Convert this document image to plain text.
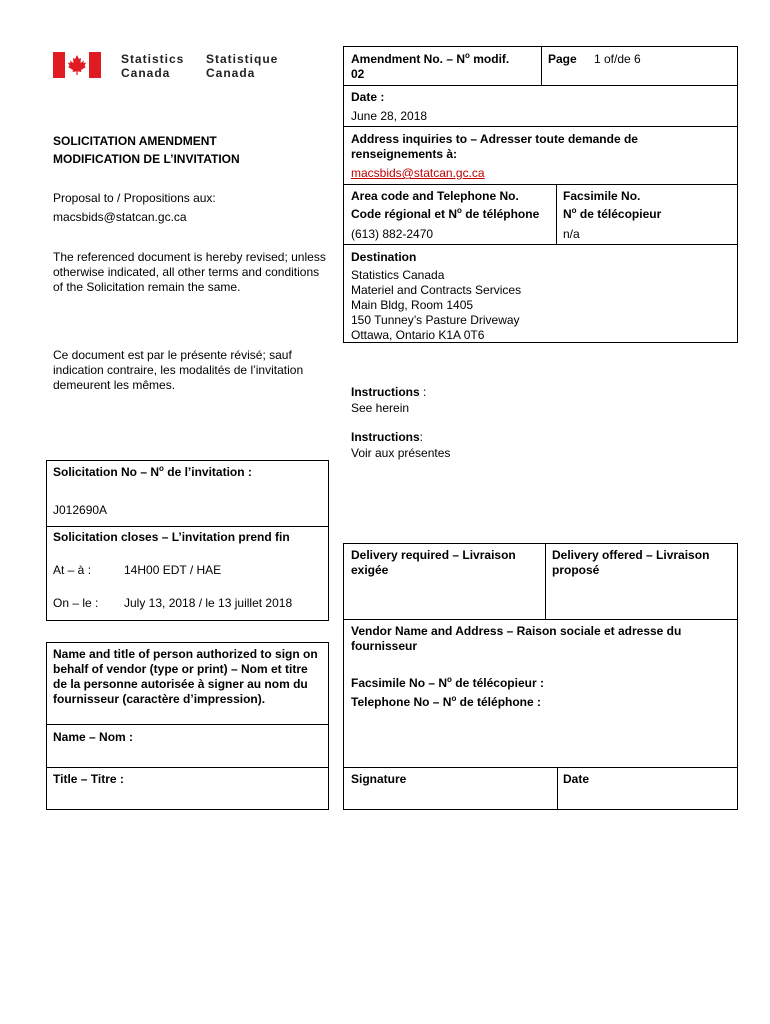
Statistics
Canada
Statistique
Canada
SOLICITATION AMENDMENT
MODIFICATION DE L’INVITATION
Proposal to / Propositions aux:
macsbids@statcan.gc.ca
The referenced document is hereby revised; unless otherwise indicated, all other terms and conditions of the Solicitation remain the same.
Ce document est par le présente révisé; sauf indication contraire, les modalités de l’invitation demeurent les mêmes.
Amendment No. – $N^o$ modif.
02
Page 1 of/de 6
Date :
June 28, 2018
Address inquiries to – Adresser toute demande de renseignements à:
macsbids@statcan.gc.ca
Area code and Telephone No.
Code régional et $N^o$ de téléphone
(613) 882-2470
Facsimile No.
$N^o$ de télécopieur
n/a
Destination
Statistics Canada
Materiel and Contracts Services
Main Bldg, Room 1405
150 Tunney’s Pasture Driveway
Ottawa, Ontario K1A 0T6
Instructions :
See herein
Instructions:
Voir aux présentes
Solicitation No – $N^o$ de l’invitation :
J012690A
Solicitation closes – L’invitation prend fin
At – à :	14H00 EDT / HAE
On – le : July 13, 2018 / le 13 juillet 2018
Delivery required – Livraison exigée
Delivery offered – Livraison proposé
Vendor Name and Address – Raison sociale et adresse du fournisseur
Facsimile No – $N^o$ de télécopieur :
Telephone No – $N^o$ de téléphone :
Signature	Date
Name and title of person authorized to sign on behalf of vendor (type or print) – Nom et titre de la personne autorisée à signer au nom du fournisseur (caractère d’impression).
Name – Nom :
Title – Titre :
